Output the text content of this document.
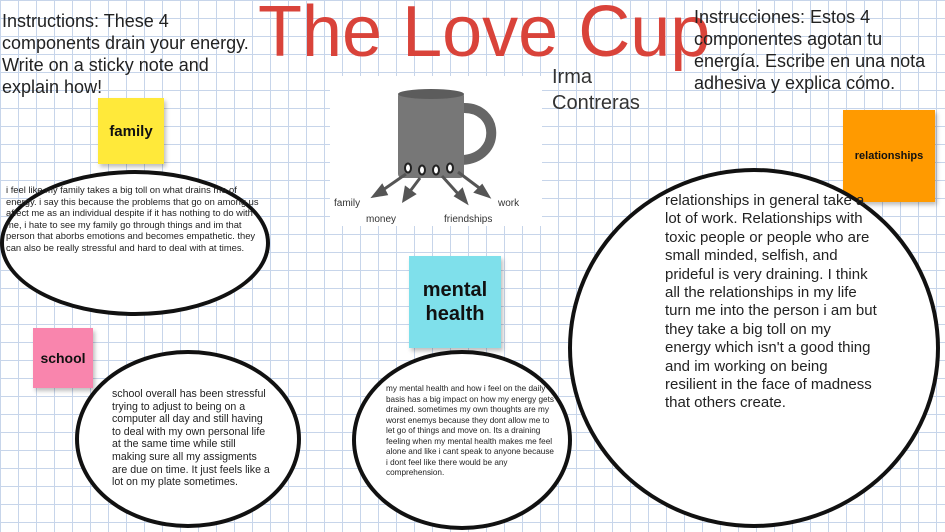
The Love Cup
Instructions: These 4 components drain your energy. Write on a sticky note and explain how!
Instrucciones: Estos 4 componentes agotan tu energía. Escribe en una nota adhesiva y explica cómo.
Irma Contreras
family
money	friendships
work
family
school
mental health
relationships
i feel like my family takes a big toll on what drains me of energy. i say this because the problems that go on among us affect me as an individual despite if it has nothing to do with me, i hate to see my family go through things and im that person that aborbs emotions and becomes empathetic. they can also be really stressful and hard to deal with at times.
school overall has been stressful trying to adjust to being on a computer all day and still having to deal with my own personal life at the same time while still making sure all my assigments are due on time. It just feels like a lot on my plate sometimes.
my mental health and how i feel on the daily basis has a big impact on how my energy gets drained. sometimes my own thoughts are my worst enemys because they dont allow me to let go of things and move on. Its a draining feeling when my mental health makes me feel alone and like i cant speak to anyone because i dont feel like there would be any comprehension.
relationships in general take a lot of work. Relationships with toxic people or people who are small minded, selfish, and prideful is very draining. I think all the relationships in my life turn me into the person i am but they take a big toll on my energy which isn't a good thing and im working on being resilient in the face of madness that others create.
